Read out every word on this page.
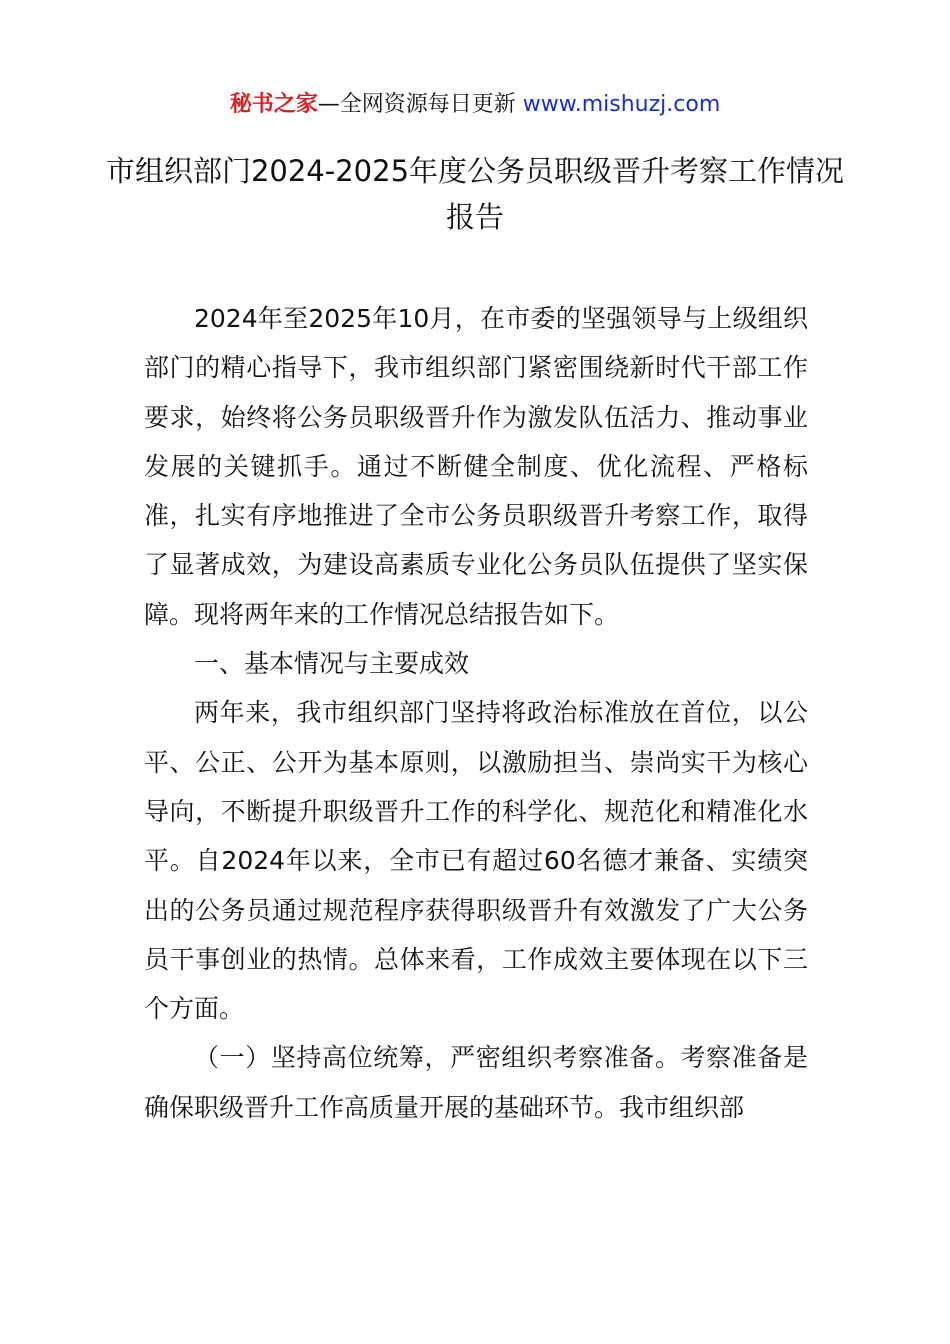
秘书之家—全网资源每日更新 www.mishuzj.com
市组织部门2024-2025年度公务员职级晋升考察工作情况报告

2024年至2025年10月，在市委的坚强领导与上级组织部门的精心指导下，我市组织部门紧密围绕新时代干部工作要求，始终将公务员职级晋升作为激发队伍活力、推动事业发展的关键抓手。通过不断健全制度、优化流程、严格标准，扎实有序地推进了全市公务员职级晋升考察工作，取得了显著成效，为建设高素质专业化公务员队伍提供了坚实保障。现将两年来的工作情况总结报告如下。

一、基本情况与主要成效

两年来，我市组织部门坚持将政治标准放在首位，以公平、公正、公开为基本原则，以激励担当、崇尚实干为核心导向，不断提升职级晋升工作的科学化、规范化和精准化水平。自2024年以来，全市已有超过60名德才兼备、实绩突出的公务员通过规范程序获得职级晋升有效激发了广大公务员干事创业的热情。总体来看，工作成效主要体现在以下三个方面。

（一）坚持高位统筹，严密组织考察准备。考察准备是确保职级晋升工作高质量开展的基础环节。我市组织部
